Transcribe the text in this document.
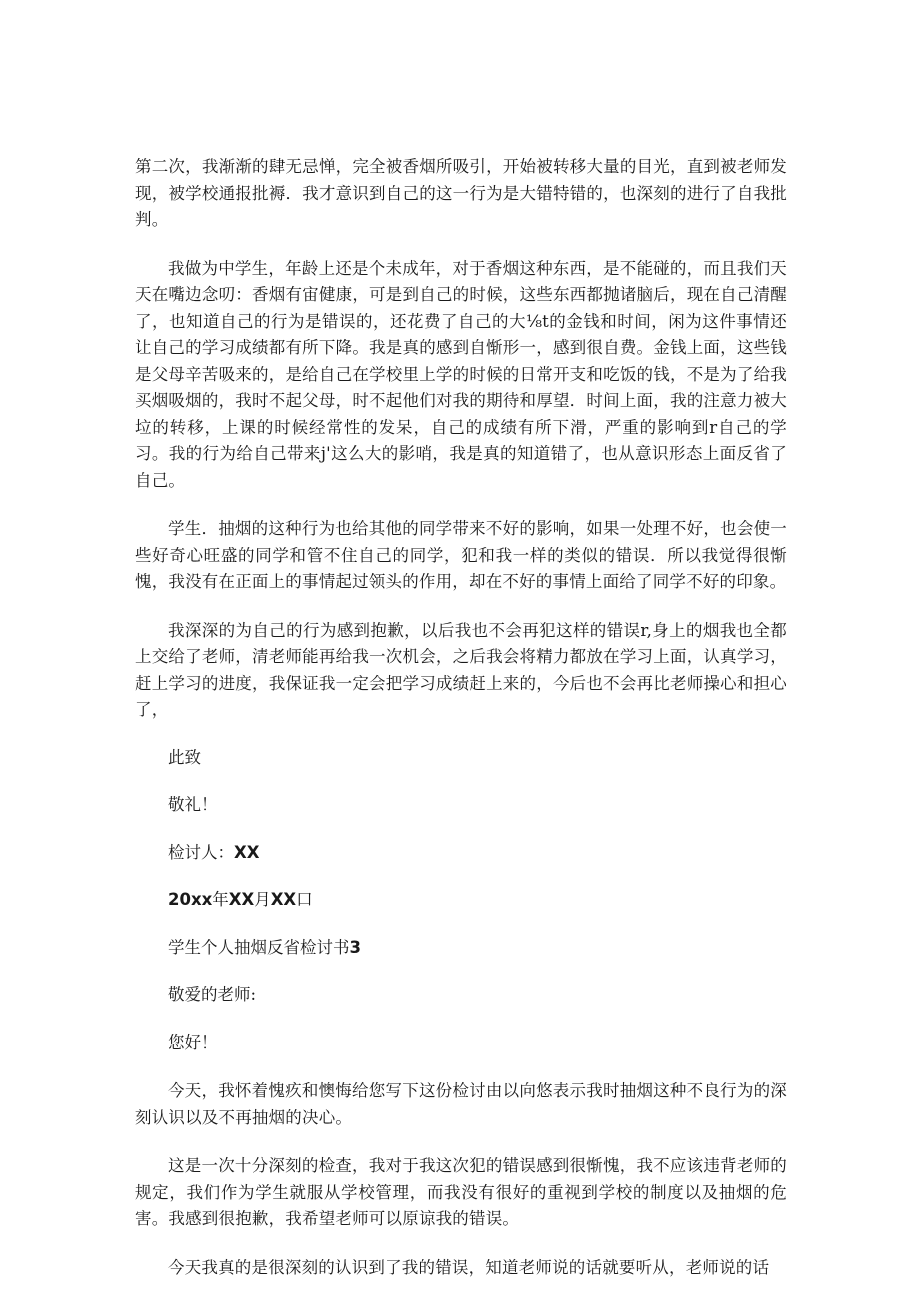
第二次，我渐渐的肆无忌惮，完全被香烟所吸引，开始被转移大量的目光，直到被老师发现，被学校通报批褥．我才意识到自己的这一行为是大错特错的，也深刻的进行了自我批判。

我做为中学生，年龄上还是个未成年，对于香烟这种东西，是不能碰的，而且我们天天在嘴边念叨：香烟有宙健康，可是到自己的时候，这些东西都抛诸脑后，现在自己清醒了，也知道自己的行为是错误的，还花费了自己的大⅛t的金钱和时间，闲为这件事情还让自己的学习成绩都有所下降。我是真的感到自惭形一，感到很自费。金钱上面，这些钱是父母辛苦吸来的，是给自己在学校里上学的时候的日常开支和吃饭的钱，不是为了给我买烟吸烟的，我时不起父母，时不起他们对我的期待和厚望．时间上面，我的注意力被大垃的转移，上课的时候经常性的发呆，自己的成绩有所下滑，严重的影响到r自己的学习。我的行为给自己带来j'这么大的影哨，我是真的知道错了，也从意识形态上面反省了自己。

学生．抽烟的这种行为也给其他的同学带来不好的影响，如果一处理不好，也会使一些好奇心旺盛的同学和管不住自己的同学，犯和我一样的类似的错误．所以我觉得很惭愧，我没有在正面上的事情起过领头的作用，却在不好的事情上面给了同学不好的印象。

我深深的为自己的行为感到抱歉，以后我也不会再犯这样的错误r,身上的烟我也全都上交给了老师，清老师能再给我一次机会，之后我会将精力都放在学习上面，认真学习，赶上学习的进度，我保证我一定会把学习成绩赶上来的，今后也不会再比老师操心和担心了，

此致

敬礼！

检讨人：XX

20xx年XX月XX口

学生个人抽烟反省检讨书3

敬爱的老师:

您好！

今天，我怀着愧疚和懊悔给您写下这份检讨由以向悠表示我时抽烟这种不良行为的深刻认识以及不再抽烟的决心。

这是一次十分深刻的检查，我对于我这次犯的错误感到很惭愧，我不应该违背老师的规定，我们作为学生就服从学校管理，而我没有很好的重视到学校的制度以及抽烟的危害。我感到很抱歉，我希望老师可以原谅我的错误。

今天我真的是很深刻的认识到了我的错误，知道老师说的话就要听从，老师说的话
